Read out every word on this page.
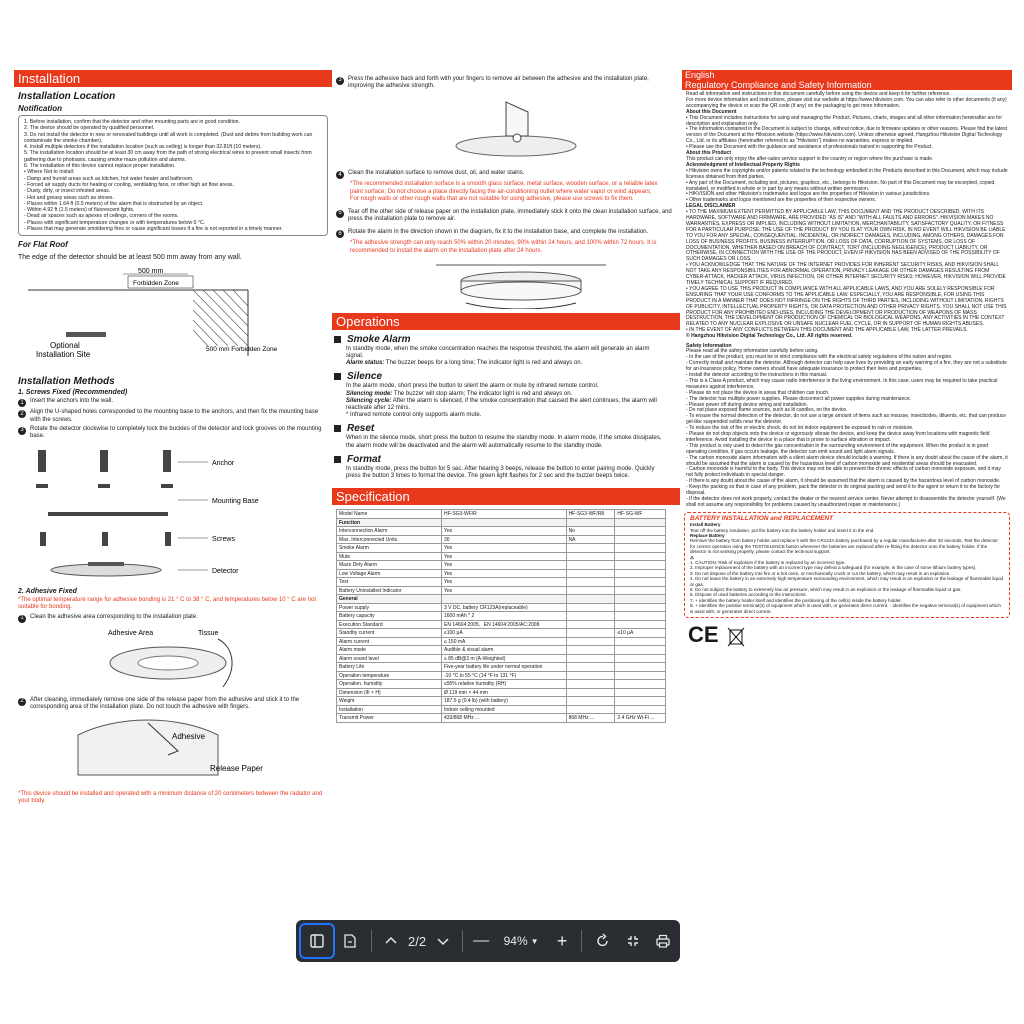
Installation
Installation Location
Notification
1. Before installation, confirm that the detector and other mounting parts are in good condition.
2. The device should be operated by qualified personnel.
3. Do not install the detector in new or renovated buildings until all work is completed. (Dust and debris from building work can contaminate the smoke chamber).
4. Install multiple detectors if the installation location (such as ceiling) is longer than 32.81ft (10 meters).
5. The installation location should be at least 30 cm away from the path of strong electrical wires to prevent small insects from gathering due to photoaxis, causing smoke maze pollution and alarms.
6. The installation of this device cannot replace proper installation.
• Where Not to Install:
- Damp and humid areas such as kitchen, hot water heater and bathroom.
- Forced air supply ducts for heating or cooling, ventilating fans, or other high air flow areas.
- Dusty, dirty, or insect infested areas.
- Hot and greasy areas such as stoves.
- Places within 1.64 ft (0.5 meters) of the alarm that is obstructed by an object.
- Within 4.92 ft (1.5 meters) of fluorescent lights.
- Dead air spaces such as apexes of ceilings, corners of the rooms.
- Places with significant temperature changes or with temperatures below 0 °C.
- Places that may generate smoldering fires or cause significant losses if a fire is not reported in a timely manner.
For Flat Roof
The edge of the detector should be at least 500 mm away from any wall.
500 mm
Forbidden Zone
Optional
Installation Site
500 mm Forbidden Zone
Installation Methods
1. Screws Fixed (Recommended)
1	Insert the anchors into the wall.
2	Align the U-shaped holes corresponded to the mounting base to the anchors, and then fix the mounting base with the screws.
3	Rotate the detector clockwise to completely lock the buckles of the detector and lock grooves on the mounting base.
Anchor
Mounting Base
Screws
Detector
2. Adhesive Fixed
*The optimal temperature range for adhesive bonding is 21 ° C to 38 ° C, and temperatures below 10 ° C are not suitable for bonding.
1	Clean the adhesive area corresponding to the installation plate.
Adhesive Area	Tissue
2	After cleaning, immediately remove one side of the release paper from the adhesive and stick it to the corresponding area of the installation plate. Do not touch the adhesive with fingers.
Adhesive
Release Paper
*This device should be installed and operated with a minimum distance of 20 centimeters between the radiator and your body.
3	Press the adhesive back and forth with your fingers to remove air between the adhesive and the installation plate, improving the adhesive strength.
4	Clean the installation surface to remove dust, oil, and water stains.
*The recommended installation surface is a smooth glass surface, metal surface, wooden surface, or a reliable latex paint surface; Do not choose a place directly facing the air-conditioning outlet where water vapor or wind appears; For rough walls or other rough walls that are not suitable for using adhesive, please use screws to fix them.
5	Tear off the other side of release paper on the installation plate, immediately stick it onto the clean installation surface, and press the installation plate to remove air.
6	Rotate the alarm in the direction shown in the diagram, fix it to the installation base, and complete the installation.
*The adhesive strength can only reach 50% within 20 minutes, 90% within 24 hours, and 100% within 72 hours. It is recommended to install the alarm on the installation plate after 24 hours.
Operations
Smoke Alarm
In standby mode, when the smoke concentration reaches the response threshold, the alarm will generate an alarm signal.
Alarm status: The buzzer beeps for a long time; The indicator light is red and always on.
Silence
In the alarm mode, short press the button to silent the alarm or mute by infrared remote control.
Silencing mode: The buzzer will stop alarm; The indicator light is red and always on.
Silencing cycle: After the alarm is silenced, if the smoke concentration that caused the alert continues, the alarm will reactivate after 12 mins.
* Infrared remote control only supports alarm mute.
Reset
When in the silence mode, short press the button to resume the standby mode. In alarm mode, if the smoke dissipates, the alarm mode will be deactivated and the alarm will automatically resume to the standby mode.
Format
In standby mode, press the button for 5 sec. After hearing 3 beeps, release the button to enter pairing mode. Quickly press the button 3 times to format the device. The green light flashes for 2 sec and the buzzer beeps twice.
Specification
Model Name	HF-SG3-WF/R	HF-SG3-WF/R8	HF-SG-WF
Function			
Interconnection Alarm	Yes	No	
Max. Interconnected Units	30	NA	
Smoke Alarm	Yes		
Mute	Yes		
Maze Dirty Alarm	Yes		
Low Voltage Alarm	Yes		
Test	Yes		
Battery Uninstalled Indicator	Yes		
General			
Power supply	3 V DC, battery CR123A(replaceable)		
Battery capacity	1600 mAh * 2		
Execution Standard	EN 14604:2005、EN 14604:2005/AC:2008		
Standby current	≤100 μA		≤10 μA
Alarm current	≤ 150 mA		
Alarm mode	Audible & visual alarm		
Alarm sound level	≥ 85 dB@3 m (A-Weighted)		
Battery Life	Five-year battery life under normal operation		
Operation temperature	-10 °C to 55 °C (14 °F to 131 °F)		
Operation. humidity	≤95% relative humidity (RH)		
Dimension (Φ × H)	Ø 119 mm × 44 mm		
Weight	187.5 g (0.4 lb) (with battery)		
Installation	Indoor ceiling mounted		
Transmit Power	433/868 MHz ...	868 MHz ...	2.4 GHz Wi-Fi ...
English
Regulatory Compliance and Safety Information
Read all information and instructions in this document carefully before using the device and keep it for further reference.
For more device information and instructions, please visit our website at https://www.hikvision.com. You can also refer to other documents (if any) accompanying the device or scan the QR code (if any) on the packaging to get more information.
About this Document
• This Document includes instructions for using and managing the Product. Pictures, charts, images and all other information hereinafter are for description and explanation only.
• The information contained in the Document is subject to change, without notice, due to firmware updates or other reasons. Please find the latest version of the Document at the Hikvision website (https://www.hikvision.com). Unless otherwise agreed, Hangzhou Hikvision Digital Technology Co., Ltd. or its affiliates (hereinafter referred to as "Hikvision") makes no warranties, express or implied.
• Please use the Document with the guidance and assistance of professionals trained in supporting the Product.
About this Product
This product can only enjoy the after-sales service support in the country or region where the purchase is made.
Acknowledgment of Intellectual Property Rights
• Hikvision owns the copyrights and/or patents related to the technology embodied in the Products described in this Document, which may include licenses obtained from third parties.
• Any part of the Document, including text, pictures, graphics, etc., belongs to Hikvision. No part of this Document may be excerpted, copied, translated, or modified in whole or in part by any means without written permission.
• HIKVISION and other Hikvision's trademarks and logos are the properties of Hikvision in various jurisdictions.
• Other trademarks and logos mentioned are the properties of their respective owners.
LEGAL DISCLAIMER
• TO THE MAXIMUM EXTENT PERMITTED BY APPLICABLE LAW, THIS DOCUMENT AND THE PRODUCT DESCRIBED, WITH ITS HARDWARE, SOFTWARE AND FIRMWARE, ARE PROVIDED "AS IS" AND "WITH ALL FAULTS AND ERRORS". HIKVISION MAKES NO WARRANTIES, EXPRESS OR IMPLIED, INCLUDING WITHOUT LIMITATION, MERCHANTABILITY, SATISFACTORY QUALITY, OR FITNESS FOR A PARTICULAR PURPOSE. THE USE OF THE PRODUCT BY YOU IS AT YOUR OWN RISK. IN NO EVENT WILL HIKVISION BE LIABLE TO YOU FOR ANY SPECIAL, CONSEQUENTIAL, INCIDENTAL, OR INDIRECT DAMAGES, INCLUDING, AMONG OTHERS, DAMAGES FOR LOSS OF BUSINESS PROFITS, BUSINESS INTERRUPTION, OR LOSS OF DATA, CORRUPTION OF SYSTEMS, OR LOSS OF DOCUMENTATION, WHETHER BASED ON BREACH OF CONTRACT, TORT (INCLUDING NEGLIGENCE), PRODUCT LIABILITY, OR OTHERWISE, IN CONNECTION WITH THE USE OF THE PRODUCT, EVEN IF HIKVISION HAS BEEN ADVISED OF THE POSSIBILITY OF SUCH DAMAGES OR LOSS.
• YOU ACKNOWLEDGE THAT THE NATURE OF THE INTERNET PROVIDES FOR INHERENT SECURITY RISKS, AND HIKVISION SHALL NOT TAKE ANY RESPONSIBILITIES FOR ABNORMAL OPERATION, PRIVACY LEAKAGE OR OTHER DAMAGES RESULTING FROM CYBER-ATTACK, HACKER ATTACK, VIRUS INFECTION, OR OTHER INTERNET SECURITY RISKS; HOWEVER, HIKVISION WILL PROVIDE TIMELY TECHNICAL SUPPORT IF REQUIRED.
• YOU AGREE TO USE THIS PRODUCT IN COMPLIANCE WITH ALL APPLICABLE LAWS, AND YOU ARE SOLELY RESPONSIBLE FOR ENSURING THAT YOUR USE CONFORMS TO THE APPLICABLE LAW. ESPECIALLY, YOU ARE RESPONSIBLE, FOR USING THIS PRODUCT IN A MANNER THAT DOES NOT INFRINGE ON THE RIGHTS OF THIRD PARTIES, INCLUDING WITHOUT LIMITATION, RIGHTS OF PUBLICITY, INTELLECTUAL PROPERTY RIGHTS, OR DATA PROTECTION AND OTHER PRIVACY RIGHTS. YOU SHALL NOT USE THIS PRODUCT FOR ANY PROHIBITED END-USES, INCLUDING THE DEVELOPMENT OR PRODUCTION OF WEAPONS OF MASS DESTRUCTION, THE DEVELOPMENT OR PRODUCTION OF CHEMICAL OR BIOLOGICAL WEAPONS, ANY ACTIVITIES IN THE CONTEXT RELATED TO ANY NUCLEAR EXPLOSIVE OR UNSAFE NUCLEAR FUEL CYCLE, OR IN SUPPORT OF HUMAN RIGHTS ABUSES.
• IN THE EVENT OF ANY CONFLICTS BETWEEN THIS DOCUMENT AND THE APPLICABLE LAW, THE LATTER PREVAILS.
© Hangzhou Hikvision Digital Technology Co., Ltd. All rights reserved.
Safety Information
Please read all the safety information carefully before using.
- In the use of the product, you must be in strict compliance with the electrical safety regulations of the nation and region.
- Correctly install and maintain the detector. Although detector can help save lives by providing an early warning of a fire, they are not a substitute for an insurance policy. Home owners should have adequate insurance to protect their lives and properties.
- Install the detector according to the instructions in this manual.
- This is a Class A product, which may cause radio interference in the living environment. In this case, users may be required to take practical measures against interference.
- Please do not place the device in areas that children can touch.
- The detector has multiple power supplies. Please disconnect all power supplies during maintenance.
- Please power off during device wiring and installation.
- Do not place exposed flame sources, such as lit candles, on the device.
- To ensure the normal detection of the detector, do not use a large amount of items such as mousse, insecticides, diluents, etc. that can produce gel-like suspended solids near the detector.
- To reduce the risk of fire or electric shock, do not let indoor equipment be exposed to rain or moisture.
- Please do not drop objects onto the device or vigorously vibrate the device, and keep the device away from locations with magnetic field interference. Avoid installing the device in a place that is prone to surface vibration or impact.
- This product is only used to detect the gas concentration in the surrounding environment of the equipment. When the product is in good operating condition, if gas occurs leakage, the detector can emit sound and light alarm signals.
- The carbon monoxide alarm information with a silent alarm device should include a warning. If there is any doubt about the cause of the alarm, it should be assumed that the alarm is caused by the hazardous level of carbon monoxide and residential areas should be evacuated.
- Carbon monoxide is harmful to the body. This device may not be able to prevent the chronic effects of carbon monoxide exposure, and it may not fully protect individuals in special danger.
- If there is any doubt about the cause of the alarm, it should be assumed that the alarm is caused by the hazardous level of carbon monoxide.
- Keep the packing so that in case of any problem, pack the detector in its original packing and send it to the agent or return it to the factory for disposal.
- If the detector does not work properly, contact the dealer or the nearest service center. Never attempt to disassemble the detector yourself. (We shall not assume any responsibility for problems caused by unauthorized repair or maintenance.)
BATTERY INSTALLATION and REPLACEMENT
Install Battery
Tear off the battery insulation, put the battery into the battery holder and insert it to the end.
Replace Battery
Remove the battery from battery holder and replace it with the CR123A battery purchased by a regular manufacturer after 30 seconds. Test the detector for correct operation using the TEST/SILENCE button whenever the batteries are replaced after re-fitting the detector onto the battery holder. If the detector is not working properly, please contact the technical support.
⚠
1. CAUTION: Risk of explosion if the battery is replaced by an incorrect type.
2. Improper replacement of the battery with an incorrect type may defeat a safeguard (for example, in the case of some lithium battery types).
3. Do not dispose of the battery into fire or a hot oven, or mechanically crush or cut the battery, which may result in an explosion.
4. Do not leave the battery in an extremely high temperature surrounding environment, which may result in an explosion or the leakage of flammable liquid or gas.
5. Do not subject the battery to extremely low air pressure, which may result in an explosion or the leakage of flammable liquid or gas.
6. Dispose of used batteries according to the instructions.
7. + identifies the battery holder itself and identifies the positioning of the cell(s) inside the battery holder.
8. + identifies the positive terminal(s) of equipment which is used with, or generates direct current. - identifies the negative terminal(s) of equipment which is used with, or generates direct current.
CE
2/2	— 94% ▼ +
